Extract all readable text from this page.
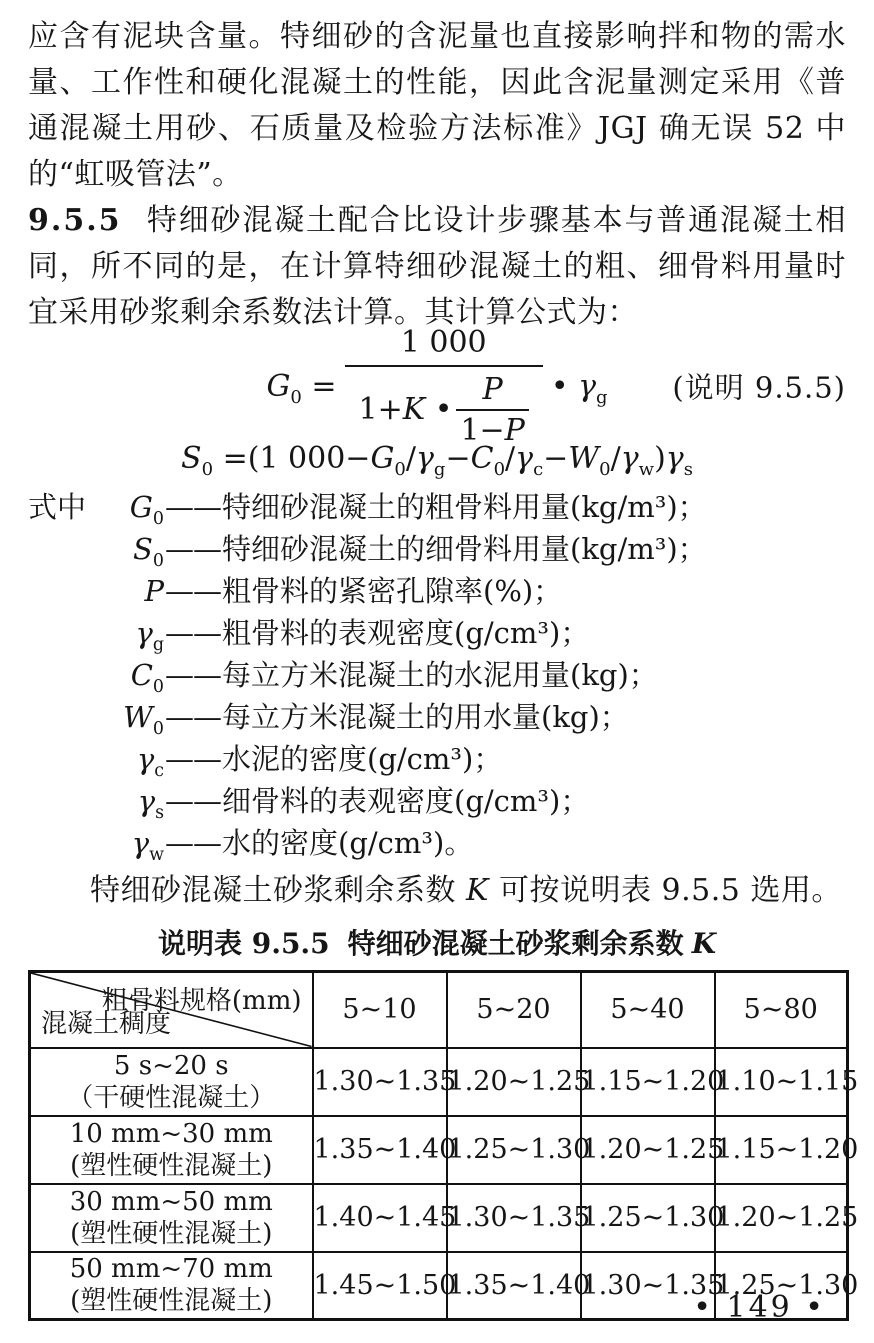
应含有泥块含量。特细砂的含泥量也直接影响拌和物的需水量、工作性和硬化混凝土的性能，因此含泥量测定采用《普通混凝土用砂、石质量及检验方法标准》JGJ 确无误 52 中的“虹吸管法”。

9.5.5 特细砂混凝土配合比设计步骤基本与普通混凝土相同，所不同的是，在计算特细砂混凝土的粗、细骨料用量时宜采用砂浆剩余系数法计算。其计算公式为：

$G_0 = \frac{1 000}{1+K • \frac{P}{1-P}}$ • $\gamma_g$ (说明 9.5.5)
$S_0 =(1$ $000-G_0/\gamma_g-C_0/\gamma_c-W_0/\gamma_w)\gamma_s$
式中	$G_0$ —— 特细砂混凝土的粗骨料用量(kg/m³)；
$S_0$ —— 特细砂混凝土的细骨料用量(kg/m³)；
P —— 粗骨料的紧密孔隙率(%)；
$\gamma_g$ —— 粗骨料的表观密度(g/cm³)；
$C_0$ —— 每立方米混凝土的水泥用量(kg)；
$W_0$ —— 每立方米混凝土的用水量(kg)；
$\gamma_c$ —— 水泥的密度(g/cm³)；
$\gamma_s$ —— 细骨料的表观密度(g/cm³)；
$\gamma_w$ —— 水的密度(g/cm³)。

特细砂混凝土砂浆剩余系数 K 可按说明表 9.5.5 选用。

说明表 9.5.5 特细砂混凝土砂浆剩余系数 K
粗骨料规格(mm)
混凝土稠度	5~10	5~20	5~40	5~80

5 s~20 s
（干硬性混凝土）	1.30~1.35	1.20~1.25	1.15~1.20	1.10~1.15

10 mm~30 mm
(塑性硬性混凝土)	1.35~1.40	1.25~1.30	1.20~1.25	1.15~1.20

30 mm~50 mm
(塑性硬性混凝土)	1.40~1.45	1.30~1.35	1.25~1.30	1.20~1.25

50 mm~70 mm
(塑性硬性混凝土)	1.45~1.50	1.35~1.40	1.30~1.35	1.25~1.30
• 149 •
